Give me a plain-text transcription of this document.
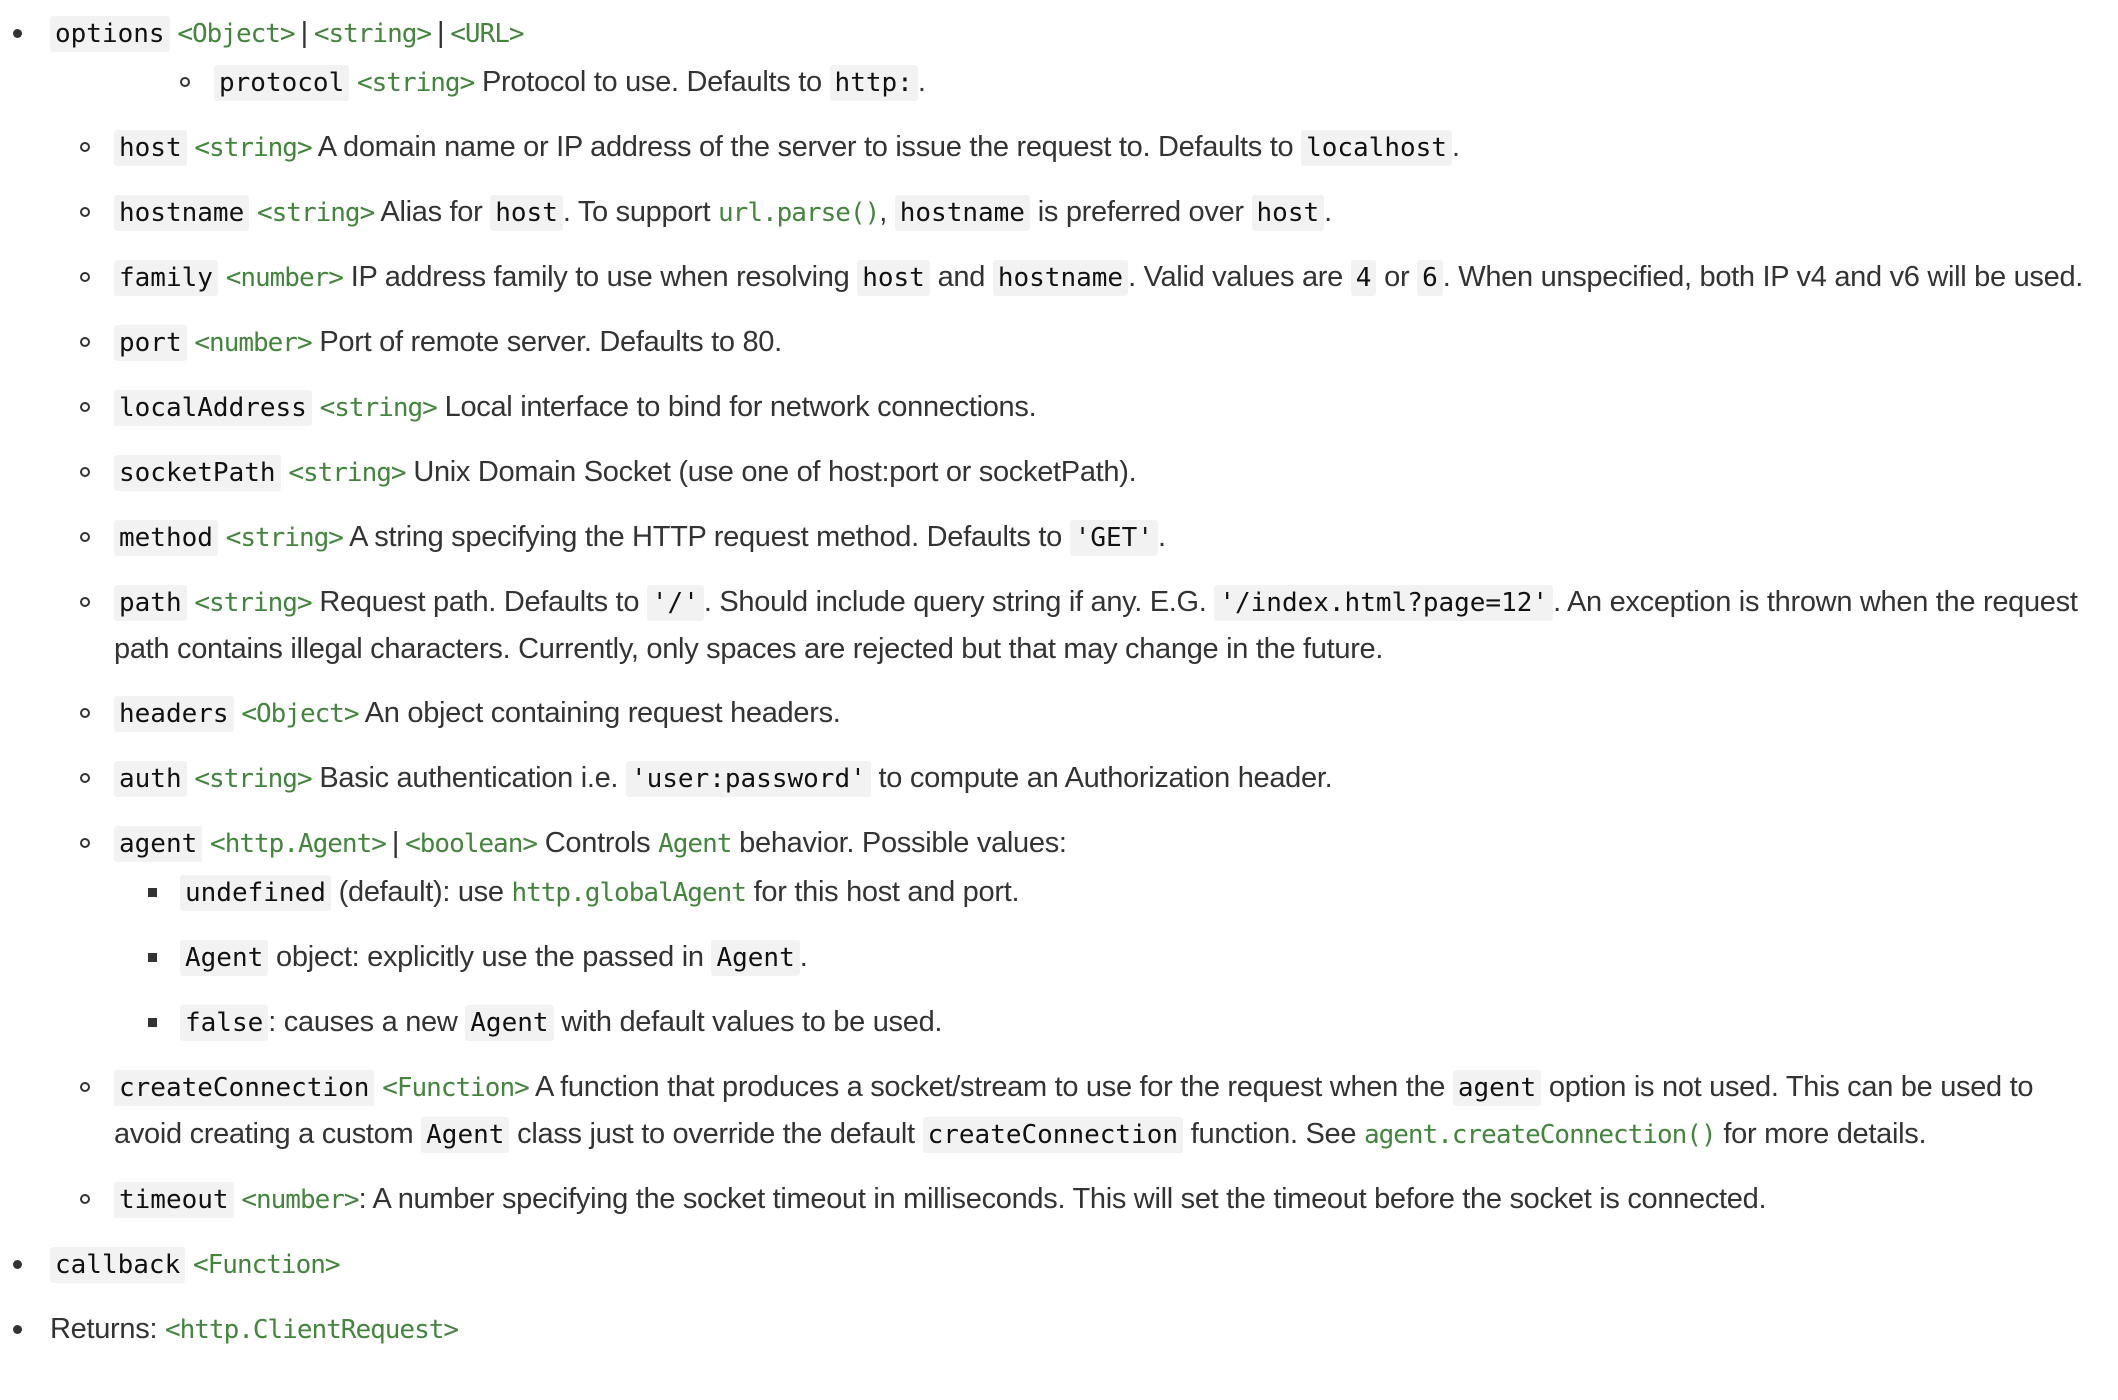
options <Object> | <string> | <URL>
protocol <string> Protocol to use. Defaults to http: .
host <string> A domain name or IP address of the server to issue the request to. Defaults to localhost .
hostname <string> Alias for host . To support url.parse(), hostname is preferred over host .
family <number> IP address family to use when resolving host and hostname . Valid values are 4 or 6 . When unspecified, both IP v4 and v6 will be used.
port <number> Port of remote server. Defaults to 80.
localAddress <string> Local interface to bind for network connections.
socketPath <string> Unix Domain Socket (use one of host:port or socketPath).
method <string> A string specifying the HTTP request method. Defaults to 'GET' .
path <string> Request path. Defaults to '/' . Should include query string if any. E.G. '/index.html?page=12' . An exception is thrown when the request path contains illegal characters. Currently, only spaces are rejected but that may change in the future.
headers <Object> An object containing request headers.
auth <string> Basic authentication i.e. 'user:password' to compute an Authorization header.
agent <http.Agent> | <boolean> Controls Agent behavior. Possible values:
undefined (default): use http.globalAgent for this host and port.
Agent object: explicitly use the passed in Agent .
false : causes a new Agent with default values to be used.
createConnection <Function> A function that produces a socket/stream to use for the request when the agent option is not used. This can be used to avoid creating a custom Agent class just to override the default createConnection function. See agent.createConnection() for more details.
timeout <number>: A number specifying the socket timeout in milliseconds. This will set the timeout before the socket is connected.
callback <Function>
Returns: <http.ClientRequest>
